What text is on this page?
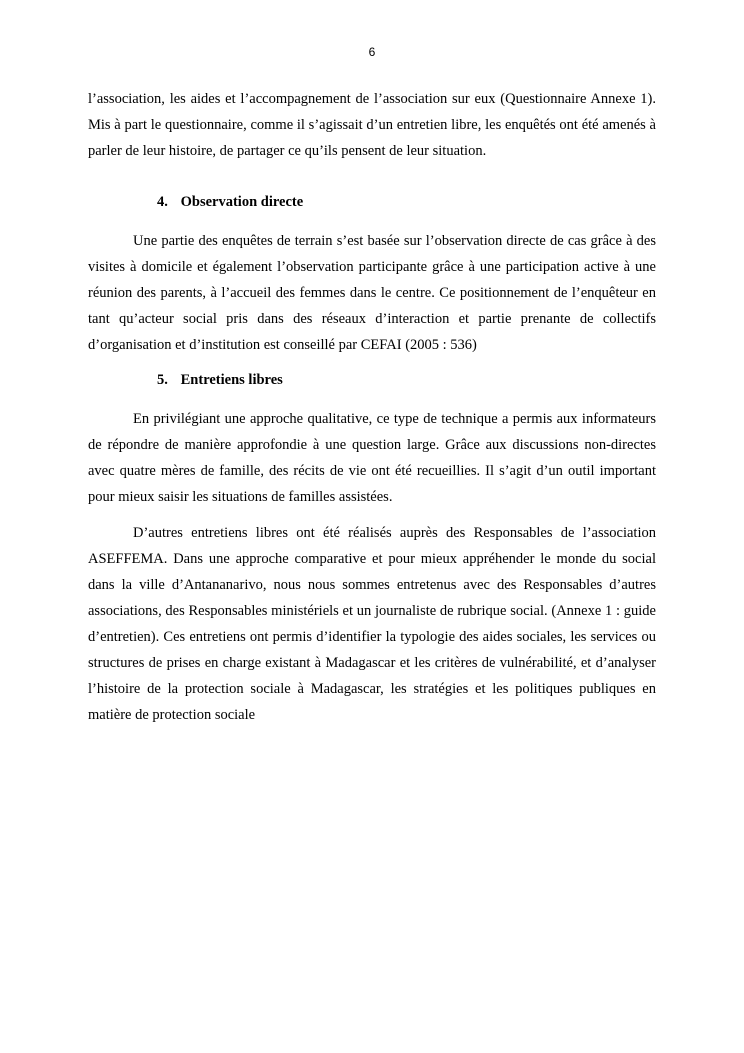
6

l’association, les aides et l’accompagnement de l’association sur eux (Questionnaire Annexe 1). Mis à part le questionnaire, comme il s’agissait d’un entretien libre, les enquêtés ont été amenés à parler de leur histoire, de partager ce qu’ils pensent de leur situation.

4. Observation directe

Une partie des enquêtes de terrain s’est basée sur l’observation directe de cas grâce à des visites à domicile et également l’observation participante grâce à une participation active à une réunion des parents, à l’accueil des femmes dans le centre. Ce positionnement de l’enquêteur en tant qu’acteur social pris dans des réseaux d’interaction et partie prenante de collectifs d’organisation et d’institution est conseillé par CEFAI (2005 : 536)

5. Entretiens libres

En privilégiant une approche qualitative, ce type de technique a permis aux informateurs de répondre de manière approfondie à une question large. Grâce aux discussions non-directes avec quatre mères de famille, des récits de vie ont été recueillies. Il s’agit d’un outil important pour mieux saisir les situations de familles assistées.

D’autres entretiens libres ont été réalisés auprès des Responsables de l’association ASEFFEMA. Dans une approche comparative et pour mieux appréhender le monde du social dans la ville d’Antananarivo, nous nous sommes entretenus avec des Responsables d’autres associations, des Responsables ministériels et un journaliste de rubrique social. (Annexe 1 : guide d’entretien). Ces entretiens ont permis d’identifier la typologie des aides sociales, les services ou structures de prises en charge existant à Madagascar et les critères de vulnérabilité, et d’analyser l’histoire de la protection sociale à Madagascar, les stratégies et les politiques publiques en matière de protection sociale
